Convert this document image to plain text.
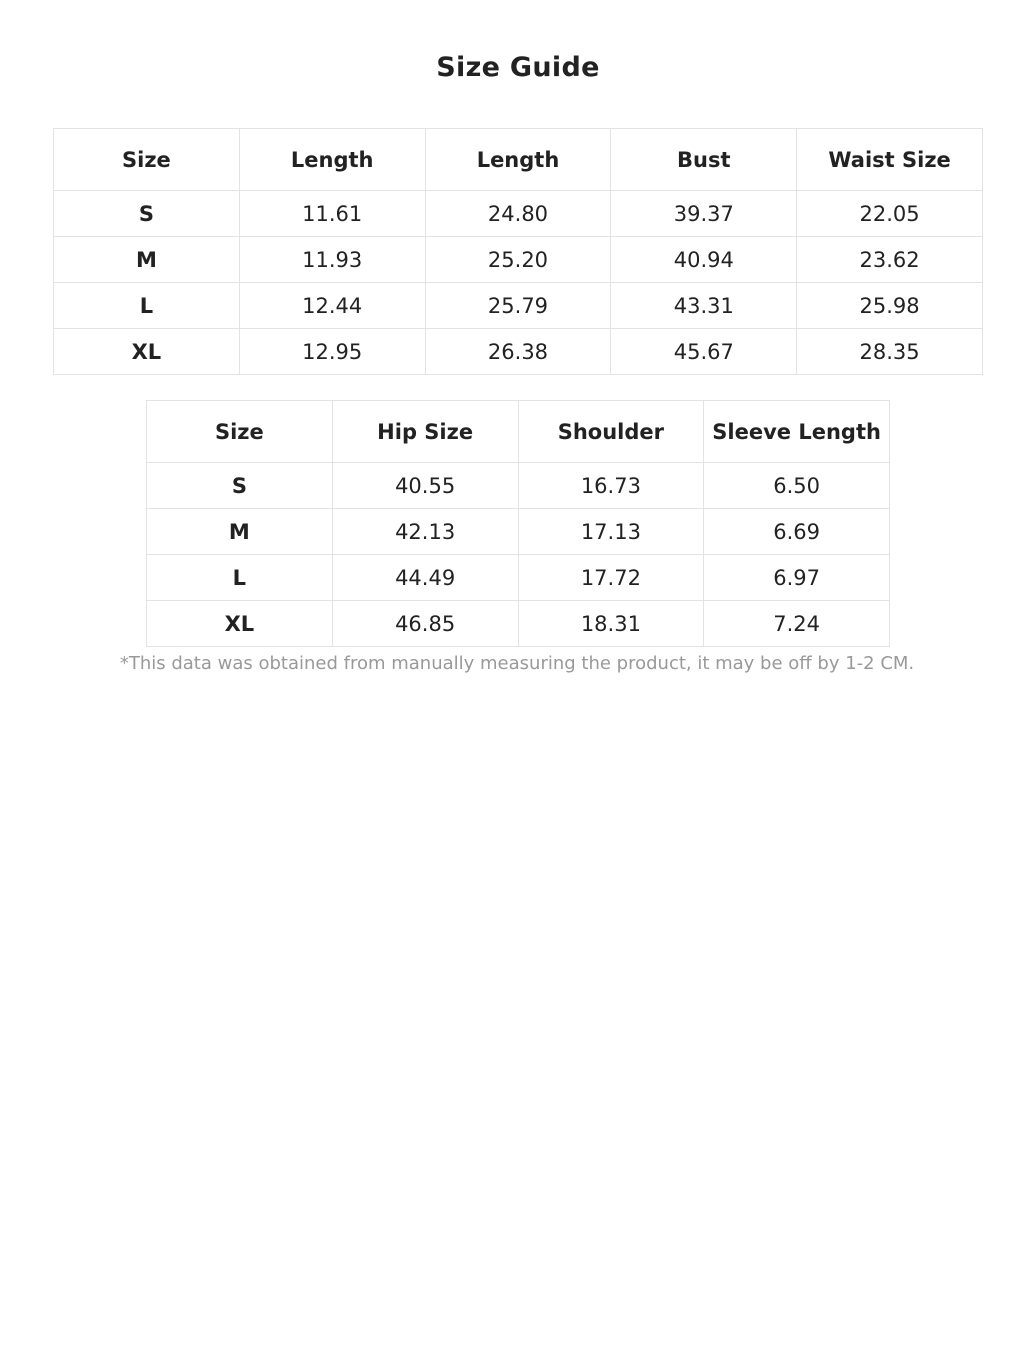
Size Guide
Size	Length	Length	Bust	Waist Size
S	11.61	24.80	39.37	22.05
M	11.93	25.20	40.94	23.62
L	12.44	25.79	43.31	25.98
XL	12.95	26.38	45.67	28.35
Size	Hip Size	Shoulder	Sleeve Length
S	40.55	16.73	6.50
M	42.13	17.13	6.69
L	44.49	17.72	6.97
XL	46.85	18.31	7.24

*This data was obtained from manually measuring the product, it may be off by 1-2 CM.
